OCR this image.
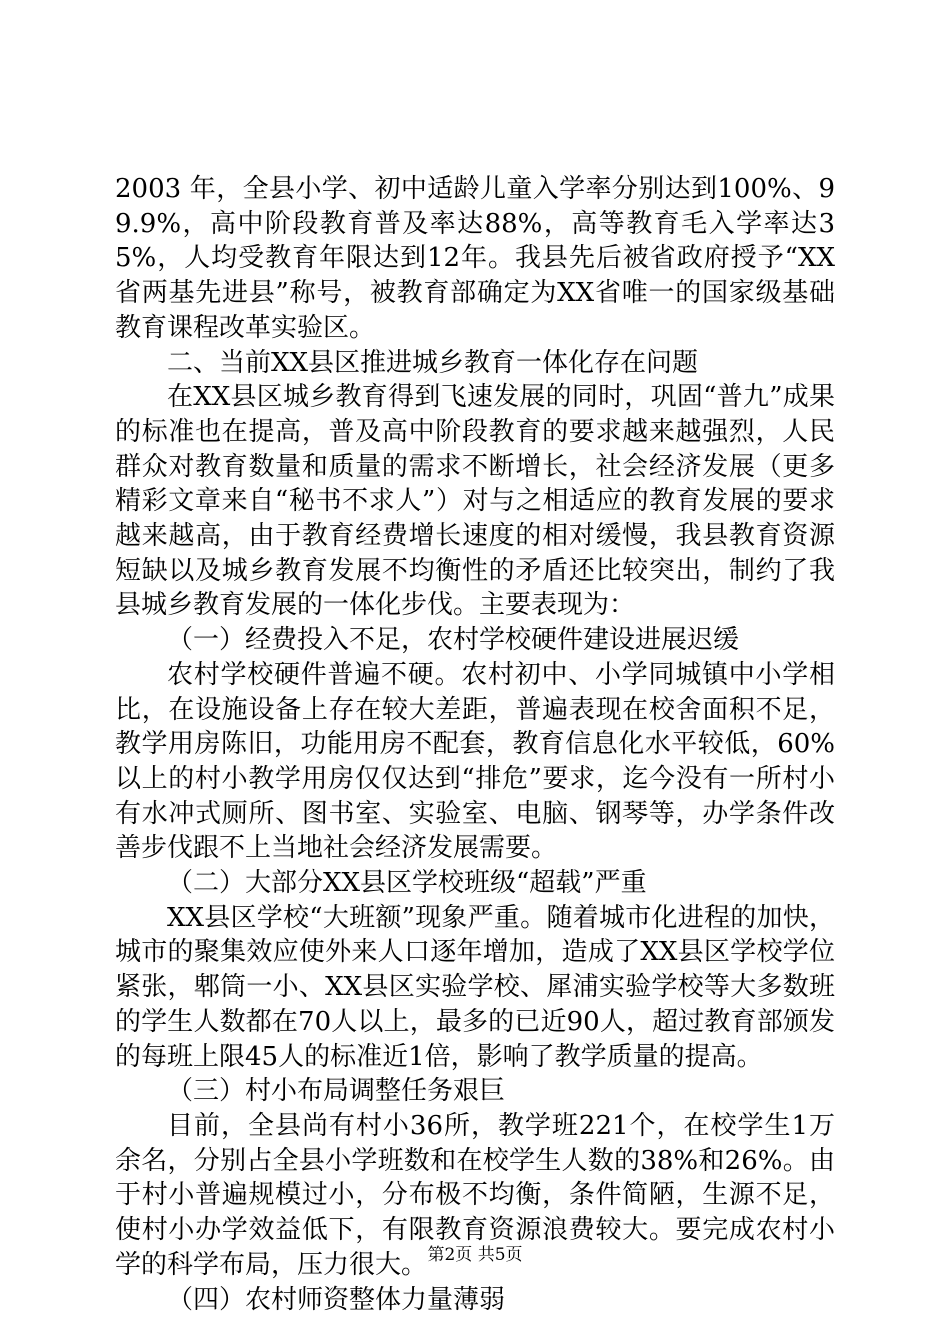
2003 年，全县小学、初中适龄儿童入学率分别达到100%、99.9%，高中阶段教育普及率达88%，高等教育毛入学率达35%，人均受教育年限达到12年。我县先后被省政府授予“XX省两基先进县”称号，被教育部确定为XX省唯一的国家级基础教育课程改革实验区。

二、当前XX县区推进城乡教育一体化存在问题

在XX县区城乡教育得到飞速发展的同时，巩固“普九”成果的标准也在提高，普及高中阶段教育的要求越来越强烈，人民群众对教育数量和质量的需求不断增长，社会经济发展（更多精彩文章来自“秘书不求人”）对与之相适应的教育发展的要求越来越高，由于教育经费增长速度的相对缓慢，我县教育资源短缺以及城乡教育发展不均衡性的矛盾还比较突出，制约了我县城乡教育发展的一体化步伐。主要表现为：

（一）经费投入不足，农村学校硬件建设进展迟缓

农村学校硬件普遍不硬。农村初中、小学同城镇中小学相比，在设施设备上存在较大差距，普遍表现在校舍面积不足，教学用房陈旧，功能用房不配套，教育信息化水平较低，60%以上的村小教学用房仅仅达到“排危”要求，迄今没有一所村小有水冲式厕所、图书室、实验室、电脑、钢琴等，办学条件改善步伐跟不上当地社会经济发展需要。

（二）大部分XX县区学校班级“超载”严重

XX县区学校“大班额”现象严重。随着城市化进程的加快，城市的聚集效应使外来人口逐年增加，造成了XX县区学校学位紧张，郫筒一小、XX县区实验学校、犀浦实验学校等大多数班的学生人数都在70人以上，最多的已近90人，超过教育部颁发的每班上限45人的标准近1倍，影响了教学质量的提高。

（三）村小布局调整任务艰巨

目前，全县尚有村小36所，教学班221个，在校学生1万余名，分别占全县小学班数和在校学生人数的38%和26%。由于村小普遍规模过小，分布极不均衡，条件简陋，生源不足，使村小办学效益低下，有限教育资源浪费较大。要完成农村小学的科学布局，压力很大。

（四）农村师资整体力量薄弱

第2页 共5页
